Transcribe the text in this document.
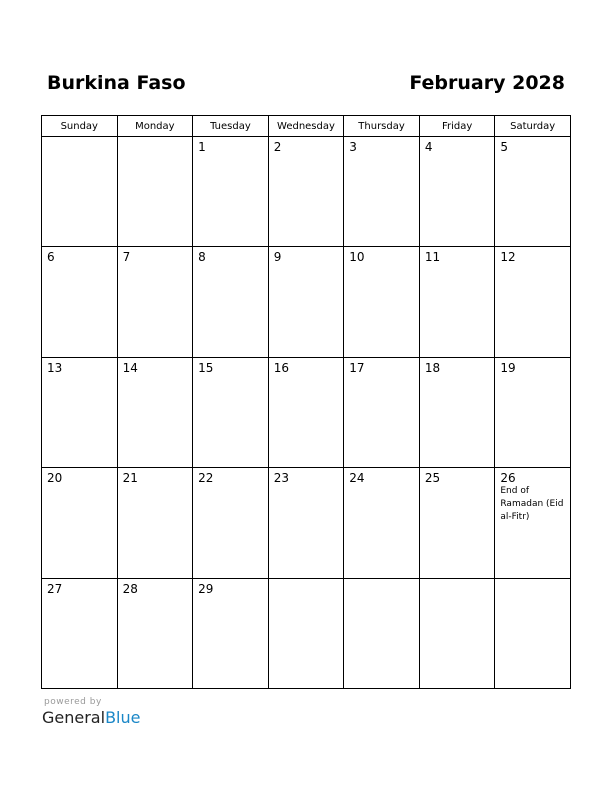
Burkina Faso	February 2028
Sunday	Monday	Tuesday	Wednesday	Thursday	Friday	Saturday

		1	2	3	4	5

6	7	8	9	10	11	12

13	14	15	16	17	18	19

20	21	22	23	24	25	26
End of Ramadan (Eid al-Fitr)

27	28	29				

powered by
GeneralBlue
